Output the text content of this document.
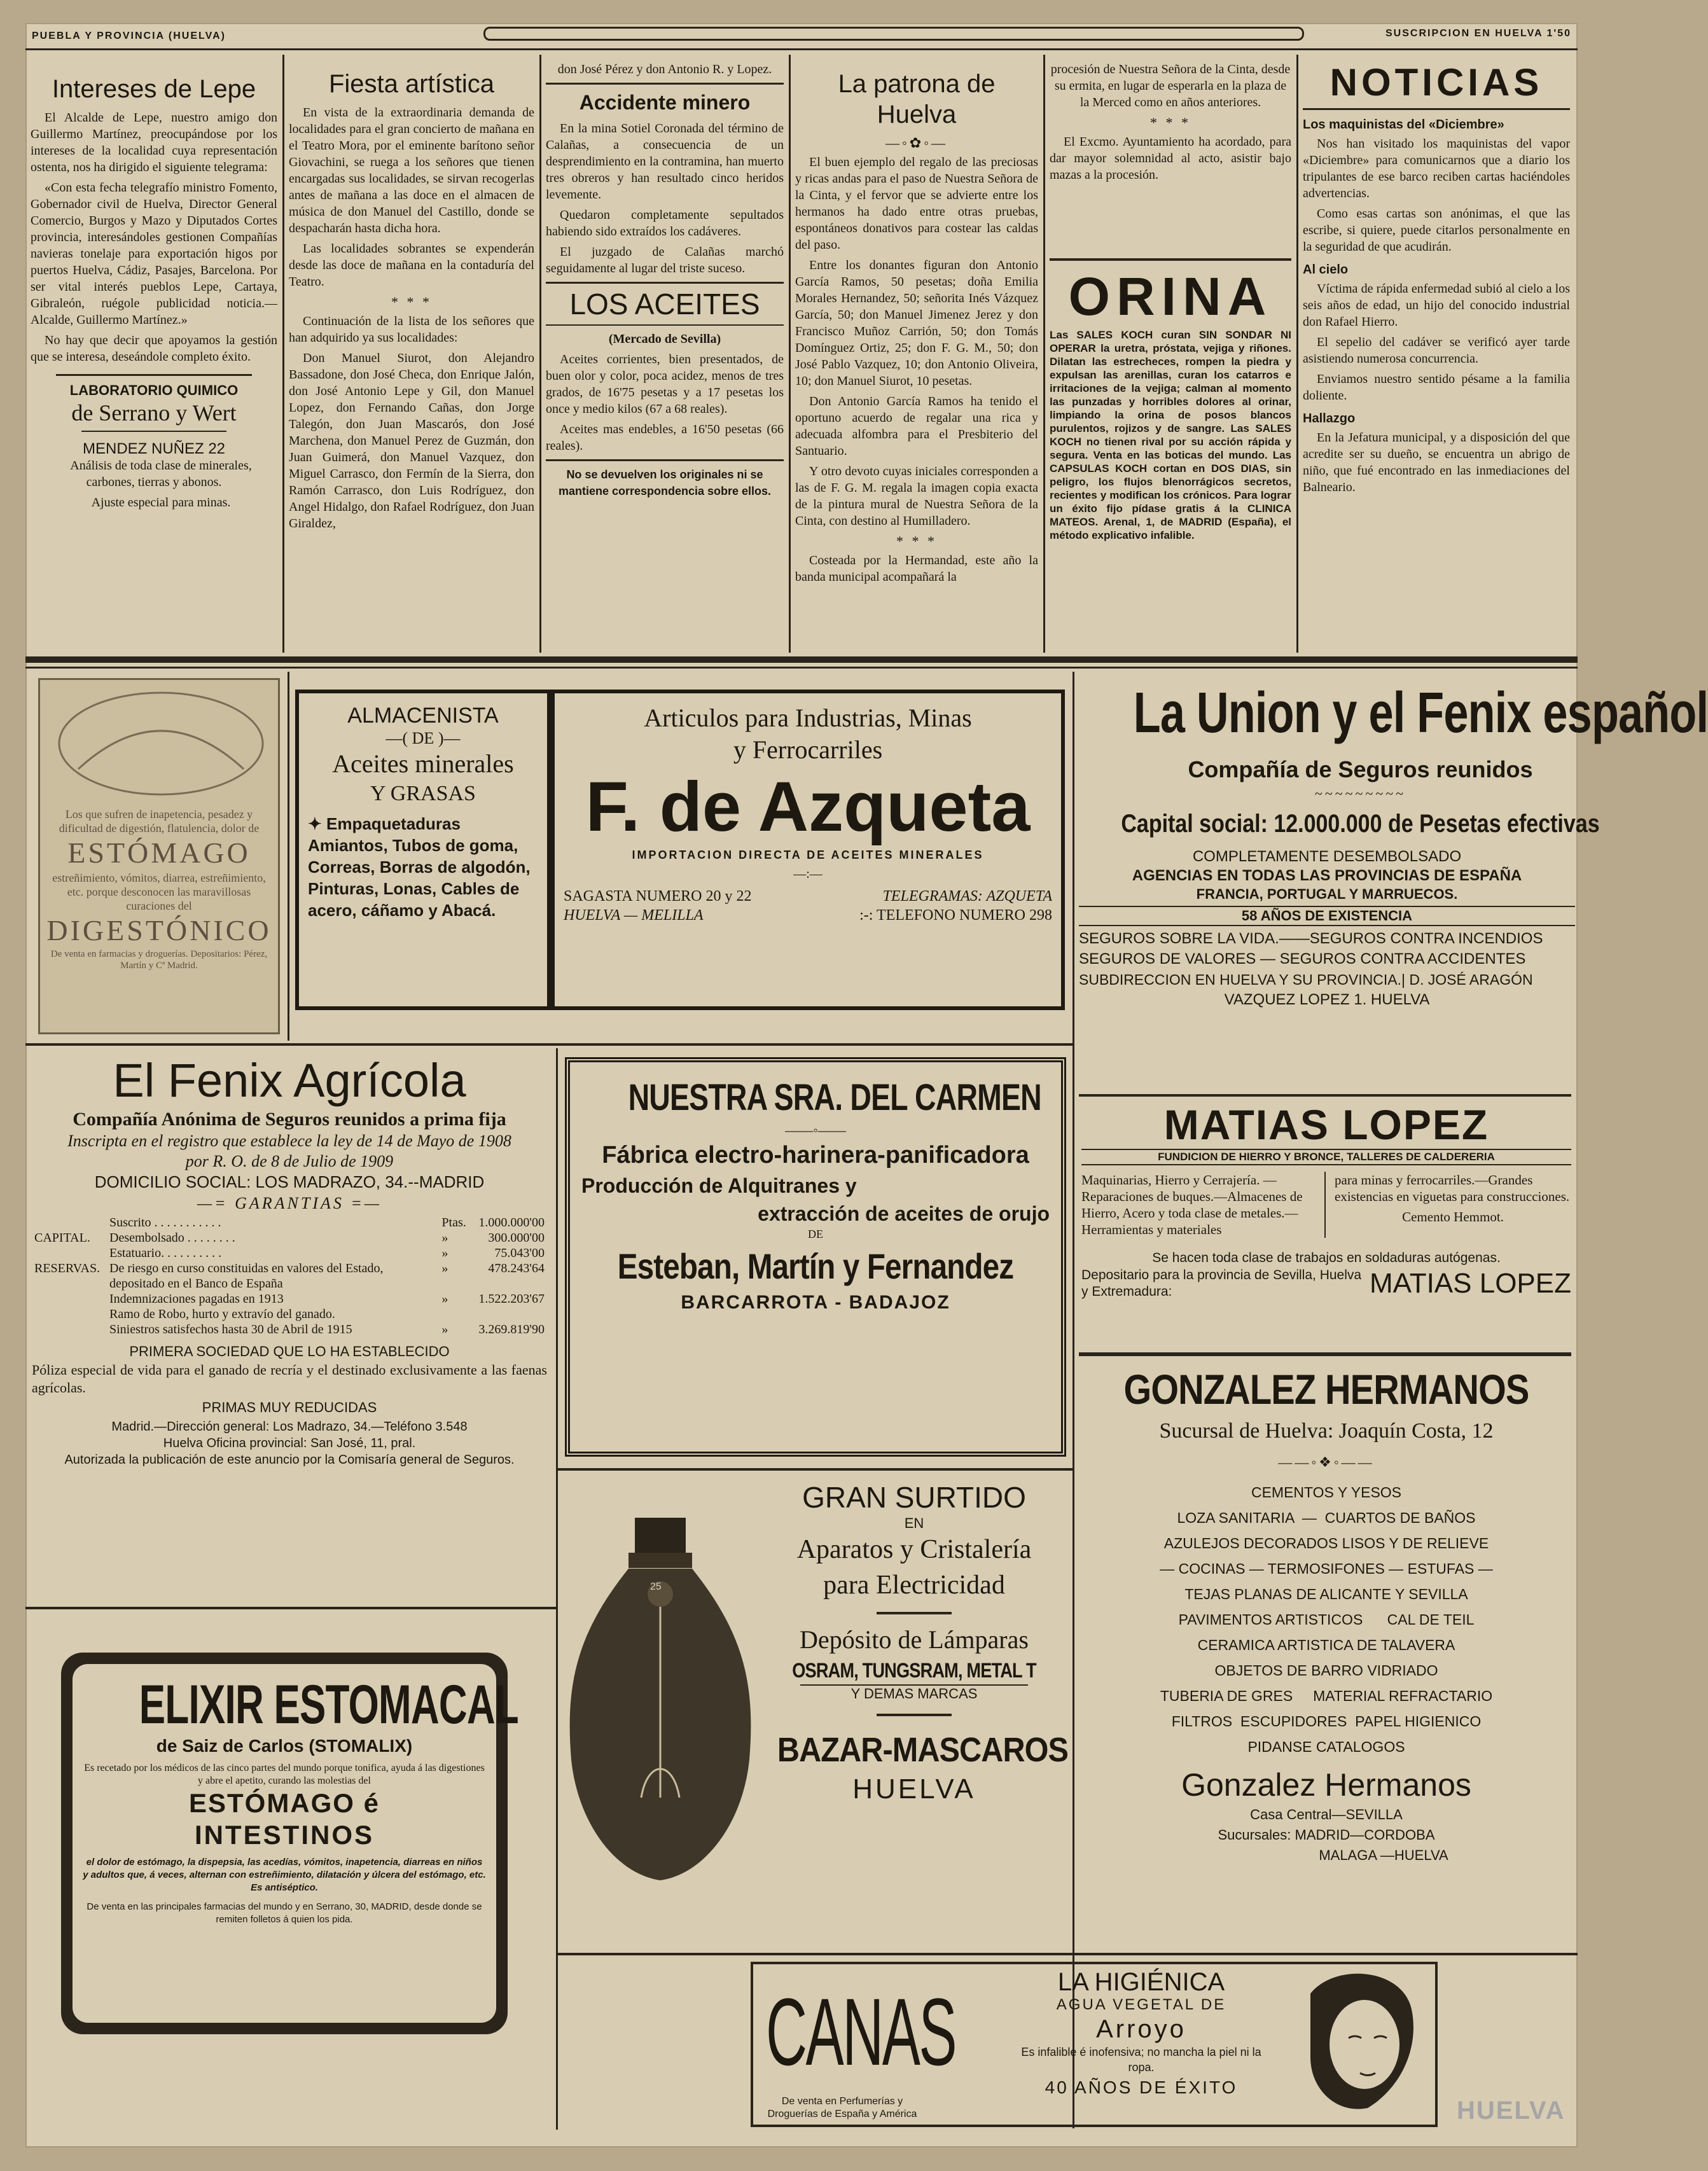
PUEBLA Y PROVINCIA (HUELVA)	SUSCRIPCION EN HUELVA 1'50
Intereses de Lepe

El Alcalde de Lepe, nuestro amigo don Guillermo Martínez, preocupándose por los intereses de la localidad cuya representación ostenta, nos ha dirigido el siguiente telegrama:

«Con esta fecha telegrafío ministro Fomento, Gobernador civil de Huelva, Director General Comercio, Burgos y Mazo y Diputados Cortes provincia, interesándoles gestionen Compañías navieras tonelaje para exportación higos por puertos Huelva, Cádiz, Pasajes, Barcelona. Por ser vital interés pueblos Lepe, Cartaya, Gibraleón, ruégole publicidad noticia.—Alcalde, Guillermo Martínez.»

No hay que decir que apoyamos la gestión que se interesa, deseándole completo éxito.

LABORATORIO QUIMICO
de Serrano y Wert
MENDEZ NUÑEZ 22

Análisis de toda clase de minerales, carbones, tierras y abonos.

Ajuste especial para minas.

Fiesta artística

En vista de la extraordinaria demanda de localidades para el gran concierto de mañana en el Teatro Mora, por el eminente barítono señor Giovachini, se ruega a los señores que tienen encargadas sus localidades, se sirvan recogerlas antes de mañana a las doce en el almacen de música de don Manuel del Castillo, donde se despacharán hasta dicha hora.

Las localidades sobrantes se expenderán desde las doce de mañana en la contaduría del Teatro.

* * *

Continuación de la lista de los señores que han adquirido ya sus localidades:

Don Manuel Siurot, don Alejandro Bassadone, don José Checa, don Enrique Jalón, don José Antonio Lepe y Gil, don Manuel Lopez, don Fernando Cañas, don Jorge Talegón, don Juan Mascarós, don José Marchena, don Manuel Perez de Guzmán, don Juan Guimerá, don Manuel Vazquez, don Miguel Carrasco, don Fermín de la Sierra, don Ramón Carrasco, don Luis Rodríguez, don Angel Hidalgo, don Rafael Rodríguez, don Juan Giraldez,

don José Pérez y don Antonio R. y Lopez.

Accidente minero

En la mina Sotiel Coronada del término de Calañas, a consecuencia de un desprendimiento en la contramina, han muerto tres obreros y han resultado cinco heridos levemente.

Quedaron completamente sepultados habiendo sido extraídos los cadáveres.

El juzgado de Calañas marchó seguidamente al lugar del triste suceso.

LOS ACEITES

(Mercado de Sevilla)

Aceites corrientes, bien presentados, de buen olor y color, poca acidez, menos de tres grados, de 16'75 pesetas y a 17 pesetas los once y medio kilos (67 a 68 reales).

Aceites mas endebles, a 16'50 pesetas (66 reales).

No se devuelven los originales ni se mantiene correspondencia sobre ellos.

La patrona de Huelva
—◦✿◦—

El buen ejemplo del regalo de las preciosas y ricas andas para el paso de Nuestra Señora de la Cinta, y el fervor que se advierte entre los hermanos ha dado entre otras pruebas, espontáneos donativos para costear las caldas del paso.

Entre los donantes figuran don Antonio García Ramos, 50 pesetas; doña Emilia Morales Hernandez, 50; señorita Inés Vázquez García, 50; don Manuel Jimenez Jerez y don Francisco Muñoz Carrión, 50; don Tomás Domínguez Ortiz, 25; don F. G. M., 50; don José Pablo Vazquez, 10; don Antonio Oliveira, 10; don Manuel Siurot, 10 pesetas.

Don Antonio García Ramos ha tenido el oportuno acuerdo de regalar una rica y adecuada alfombra para el Presbiterio del Santuario.

Y otro devoto cuyas iniciales corresponden a las de F. G. M. regala la imagen copia exacta de la pintura mural de Nuestra Señora de la Cinta, con destino al Humilladero.

* * *

Costeada por la Hermandad, este año la banda municipal acompañará la

procesión de Nuestra Señora de la Cinta, desde su ermita, en lugar de esperarla en la plaza de la Merced como en años anteriores.

* * *

El Excmo. Ayuntamiento ha acordado, para dar mayor solemnidad al acto, asistir bajo mazas a la procesión.

ORINA
Las SALES KOCH curan SIN SONDAR NI OPERAR la uretra, próstata, vejiga y riñones. Dilatan las estrecheces, rompen la piedra y expulsan las arenillas, curan los catarros e irritaciones de la vejiga; calman al momento las punzadas y horribles dolores al orinar, limpiando la orina de posos blancos purulentos, rojizos y de sangre. Las SALES KOCH no tienen rival por su acción rápida y segura. Venta en las boticas del mundo. Las CAPSULAS KOCH cortan en DOS DIAS, sin peligro, los flujos blenorrágicos secretos, recientes y modifican los crónicos. Para lograr un éxito fijo pídase gratis á la CLINICA MATEOS. Arenal, 1, de MADRID (España), el método explicativo infalible.
NOTICIAS
Los maquinistas del «Diciembre»

Nos han visitado los maquinistas del vapor «Diciembre» para comunicarnos que a diario los tripulantes de ese barco reciben cartas haciéndoles advertencias.

Como esas cartas son anónimas, el que las escribe, si quiere, puede citarlos personalmente en la seguridad de que acudirán.

Al cielo

Víctima de rápida enfermedad subió al cielo a los seis años de edad, un hijo del conocido industrial don Rafael Hierro.

El sepelio del cadáver se verificó ayer tarde asistiendo numerosa concurrencia.

Enviamos nuestro sentido pésame a la familia doliente.

Hallazgo

En la Jefatura municipal, y a disposición del que acredite ser su dueño, se encuentra un abrigo de niño, que fué encontrado en las inmediaciones del Balneario.

Los que sufren de inapetencia, pesadez y dificultad de digestión, flatulencia, dolor de
ESTÓMAGO
estreñimiento, vómitos, diarrea, estreñimiento, etc. porque desconocen las maravillosas curaciones del
DIGESTÓNICO
De venta en farmacias y droguerías. Depositarios: Pérez, Martín y Cª Madrid.
ALMACENISTA
—( DE )—
Aceites minerales
Y GRASAS
✦ Empaquetaduras Amiantos, Tubos de goma, Correas, Borras de algodón, Pinturas, Lonas, Cables de acero, cáñamo y Abacá.
Articulos para Industrias, Minas
y Ferrocarriles
F. de Azqueta
IMPORTACION DIRECTA DE ACEITES MINERALES
—:—
SAGASTA NUMERO 20 y 22
HUELVA — MELILLA
TELEGRAMAS: AZQUETA
:-: TELEFONO NUMERO 298
La Union y el Fenix español
Compañía de Seguros reunidos
~~~~~~~~~
Capital social: 12.000.000 de Pesetas efectivas
COMPLETAMENTE DESEMBOLSADO
AGENCIAS EN TODAS LAS PROVINCIAS DE ESPAÑA
FRANCIA, PORTUGAL Y MARRUECOS.
58 AÑOS DE EXISTENCIA
SEGUROS SOBRE LA VIDA.——SEGUROS CONTRA INCENDIOS
SEGUROS DE VALORES — SEGUROS CONTRA ACCIDENTES
SUBDIRECCION EN HUELVA Y SU PROVINCIA.| D. JOSÉ ARAGÓN
VAZQUEZ LOPEZ 1. HUELVA
El Fenix Agrícola
Compañía Anónima de Seguros reunidos a prima fija
Inscripta en el registro que establece la ley de 14 de Mayo de 1908
por R. O. de 8 de Julio de 1909
DOMICILIO SOCIAL: LOS MADRAZO, 34.--MADRID
—= GARANTIAS =—
	Suscrito . . . . . . . . . . .	Ptas.	1.000.000'00
CAPITAL.	Desembolsado . . . . . . . .	»	300.000'00
	Estatuario. . . . . . . . . .	»	75.043'00
RESERVAS.	De riesgo en curso constituidas en valores del Estado, depositado en el Banco de España	»	478.243'64
	Indemnizaciones pagadas en 1913	»	1.522.203'67
	Ramo de Robo, hurto y extravío del ganado.		
	Siniestros satisfechos hasta 30 de Abril de 1915	»	3.269.819'90
PRIMERA SOCIEDAD QUE LO HA ESTABLECIDO
Póliza especial de vida para el ganado de recría y el destinado exclusivamente a las faenas agrícolas.
PRIMAS MUY REDUCIDAS
Madrid.—Dirección general: Los Madrazo, 34.—Teléfono 3.548
Huelva Oficina provincial: San José, 11, pral.
Autorizada la publicación de este anuncio por la Comisaría general de Seguros.
NUESTRA SRA. DEL CARMEN
——◦——
Fábrica electro-harinera-panificadora
Producción de Alquitranes y
extracción de aceites de orujo
DE
Esteban, Martín y Fernandez
BARCARROTA - BADAJOZ
25
GRAN SURTIDO
EN
Aparatos y Cristalería
para Electricidad
Depósito de Lámparas
OSRAM, TUNGSRAM, METAL T
Y DEMAS MARCAS
BAZAR-MASCAROS
HUELVA
MATIAS LOPEZ
FUNDICION DE HIERRO Y BRONCE, TALLERES DE CALDERERIA
Maquinarias, Hierro y Cerrajería. —Reparaciones de buques.—Almacenes de Hierro, Acero y toda clase de metales.—Herramientas y materiales
para minas y ferrocarriles.—Grandes existencias en viguetas para construcciones.
Cemento Hemmot.
Se hacen toda clase de trabajos en soldaduras autógenas.
Depositario para la provincia de Sevilla, Huelva y Extremadura:	MATIAS LOPEZ
GONZALEZ HERMANOS
Sucursal de Huelva: Joaquín Costa, 12
——◦❖◦——
CEMENTOS Y YESOS
LOZA SANITARIA  —  CUARTOS DE BAÑOS
AZULEJOS DECORADOS LISOS Y DE RELIEVE
— COCINAS — TERMOSIFONES — ESTUFAS —
TEJAS PLANAS DE ALICANTE Y SEVILLA
PAVIMENTOS ARTISTICOS      CAL DE TEIL
CERAMICA ARTISTICA DE TALAVERA
OBJETOS DE BARRO VIDRIADO
TUBERIA DE GRES     MATERIAL REFRACTARIO
FILTROS  ESCUPIDORES  PAPEL HIGIENICO
PIDANSE CATALOGOS
Gonzalez Hermanos
Casa Central—SEVILLA
Sucursales: MADRID—CORDOBA
MALAGA —HUELVA
ELIXIR ESTOMACAL
de Saiz de Carlos (STOMALIX)
Es recetado por los médicos de las cinco partes del mundo porque tonifica, ayuda á las digestiones y abre el apetito, curando las molestias del
ESTÓMAGO é
INTESTINOS
el dolor de estómago, la dispepsia, las acedías, vómitos, inapetencia, diarreas en niños y adultos que, á veces, alternan con estreñimiento, dilatación y úlcera del estómago, etc. Es antiséptico.
De venta en las principales farmacias del mundo y en Serrano, 30, MADRID, desde donde se remiten folletos á quien los pida.
CANAS
De venta en Perfumerías y Droguerías de España y América
LA HIGIÉNICA
AGUA VEGETAL DE
Arroyo
Es infalible é inofensiva; no mancha la piel ni la ropa.
40 AÑOS DE ÉXITO
HUELVA
